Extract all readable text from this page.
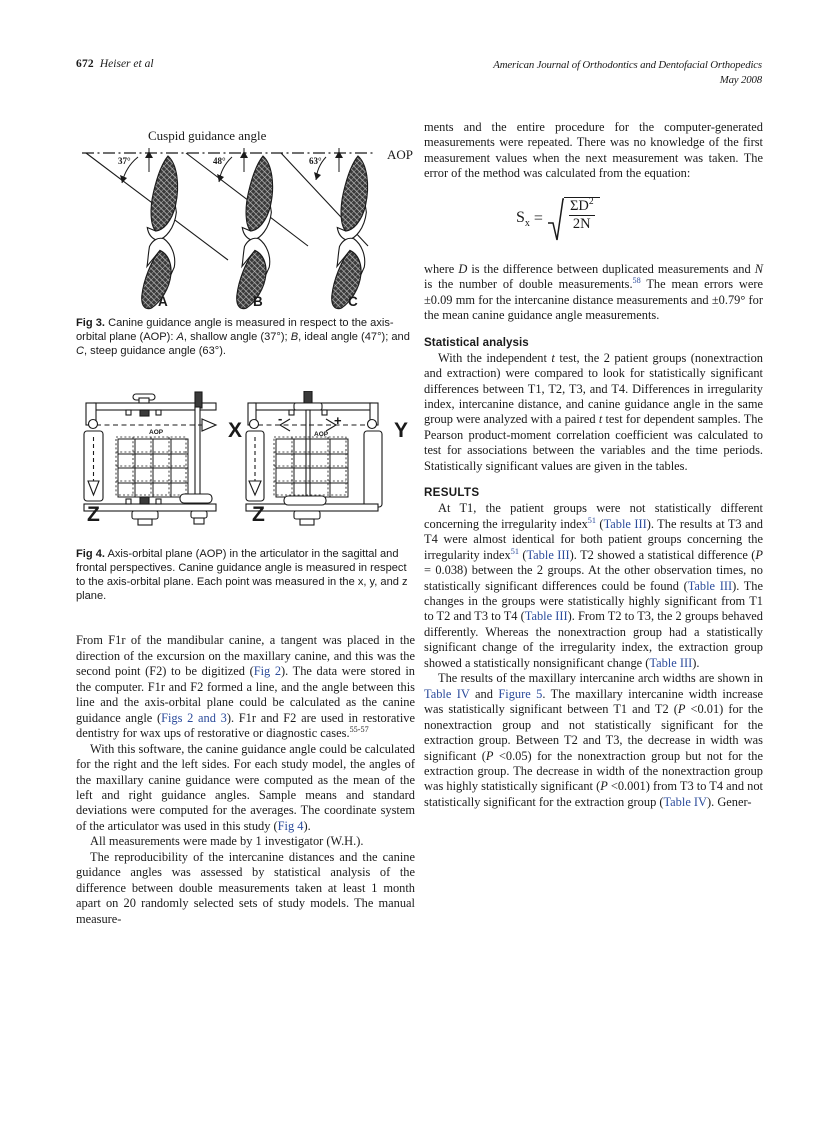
672 Heiser et al	American Journal of Orthodontics and Dentofacial Orthopedics
May 2008
Cuspid guidance angle
AOP
37°	48°	63°
A	B	C

Fig 3. Canine guidance angle is measured in respect to the axis-orbital plane (AOP): A, shallow angle (37°); B, ideal angle (47°); and C, steep guidance angle (63°).

AOP	AOP
-	+
X	Y
Z	Z

Fig 4. Axis-orbital plane (AOP) in the articulator in the sagittal and frontal perspectives. Canine guidance angle is measured in respect to the axis-orbital plane. Each point was measured in the x, y, and z plane.

From F1r of the mandibular canine, a tangent was placed in the direction of the excursion on the maxillary canine, and this was the second point (F2) to be digitized (Fig 2). The data were stored in the computer. F1r and F2 formed a line, and the angle between this line and the axis-orbital plane could be calculated as the canine guidance angle (Figs 2 and 3). F1r and F2 are used in restorative dentistry for wax ups of restorative or diagnostic cases.$^{55-57}$

With this software, the canine guidance angle could be calculated for the right and the left sides. For each study model, the angles of the maxillary canine guidance were computed as the mean of the left and right guidance angles. Sample means and standard deviations were computed for the averages. The coordinate system of the articulator was used in this study (Fig 4).

All measurements were made by 1 investigator (W.H.).

The reproducibility of the intercanine distances and the canine guidance angles was assessed by statistical analysis of the difference between double measurements taken at least 1 month apart on 20 randomly selected sets of study models. The manual measure-

ments and the entire procedure for the computer-generated measurements were repeated. There was no knowledge of the first measurement values when the next measurement was taken. The error of the method was calculated from the equation:

$S_x = \frac{\Sigma D^2}{2N}$

where D is the difference between duplicated measurements and N is the number of double measurements.$^{58}$ The mean errors were ±0.09 mm for the intercanine distance measurements and ±0.79° for the mean canine guidance angle measurements.

Statistical analysis

With the independent t test, the 2 patient groups (nonextraction and extraction) were compared to look for statistically significant differences between T1, T2, T3, and T4. Differences in irregularity index, intercanine distance, and canine guidance angle in the same group were analyzed with a paired t test for dependent samples. The Pearson product-moment correlation coefficient was calculated to test for associations between the variables and the time periods. Statistically significant values are given in the tables.

RESULTS

At T1, the patient groups were not statistically different concerning the irregularity index$^{51}$ (Table III). The results at T3 and T4 were almost identical for both patient groups concerning the irregularity index$^{51}$ (Table III). T2 showed a statistical difference (P = 0.038) between the 2 groups. At the other observation times, no statistically significant differences could be found (Table III). The changes in the groups were statistically highly significant from T1 to T2 and T3 to T4 (Table III). From T2 to T3, the 2 groups behaved differently. Whereas the nonextraction group had a statistically significant change of the irregularity index, the extraction group showed a statistically nonsignificant change (Table III).

The results of the maxillary intercanine arch widths are shown in Table IV and Figure 5. The maxillary intercanine width increase was statistically significant between T1 and T2 (P <0.01) for the nonextraction group and not statistically significant for the extraction group. Between T2 and T3, the decrease in width was significant (P <0.05) for the nonextraction group but not for the extraction group. The decrease in width of the nonextraction group was highly statistically significant (P <0.001) from T3 to T4 and not statistically significant for the extraction group (Table IV). Gener-
